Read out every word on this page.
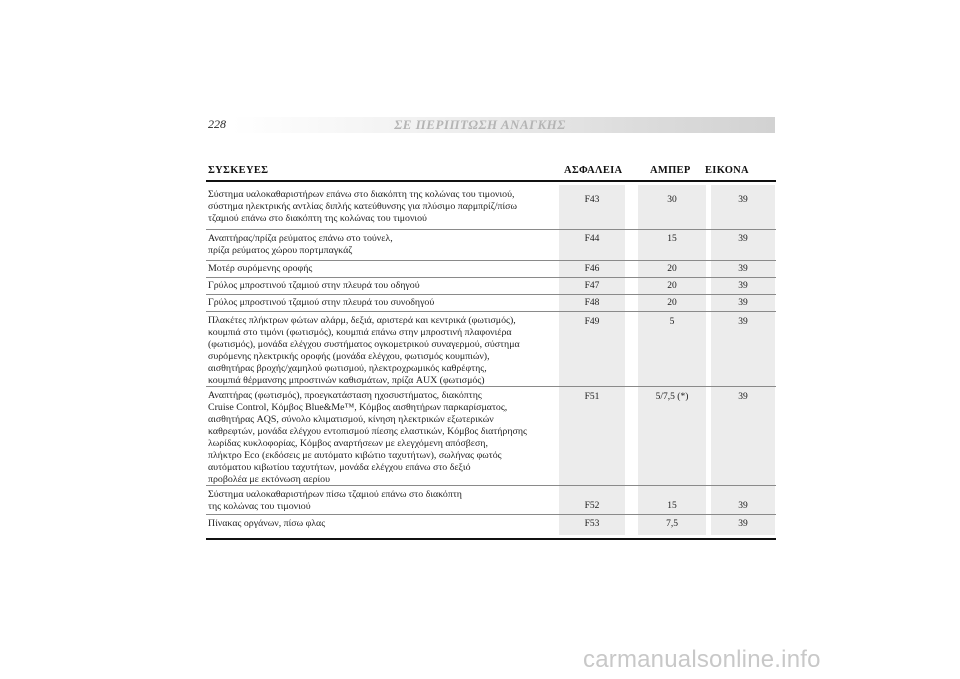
228	ΣΕ ΠΕΡΙΠΤΩΣΗ ΑΝΑΓΚΗΣ
ΣΥΣΚΕΥΕΣ	ΑΣΦΑΛΕΙΑ	ΑΜΠΕΡ ΕΙΚΟΝΑ
Σύστημα υαλοκαθαριστήρων επάνω στο διακόπτη της κολώνας του τιμονιού,
σύστημα ηλεκτρικής αντλίας διπλής κατεύθυνσης για πλύσιμο παρμπρίζ/πίσω
τζαμιού επάνω στο διακόπτη της κολώνας του τιμονιού
F43	30	39
Αναπτήρας/πρίζα ρεύματος επάνω στο τούνελ,
πρίζα ρεύματος χώρου πορτμπαγκάζ
F44	15	39
Μοτέρ συρόμενης οροφής	F46	20	39
Γρύλος μπροστινού τζαμιού στην πλευρά του οδηγού	F47	20	39
Γρύλος μπροστινού τζαμιού στην πλευρά του συνοδηγού	F48	20	39
Πλακέτες πλήκτρων φώτων αλάρμ, δεξιά, αριστερά και κεντρικά (φωτισμός),
κουμπιά στο τιμόνι (φωτισμός), κουμπιά επάνω στην μπροστινή πλαφονιέρα
(φωτισμός), μονάδα ελέγχου συστήματος ογκομετρικού συναγερμού, σύστημα
συρόμενης ηλεκτρικής οροφής (μονάδα ελέγχου, φωτισμός κουμπιών),
αισθητήρας βροχής/χαμηλού φωτισμού, ηλεκτροχρωμικός καθρέφτης,
κουμπιά θέρμανσης μπροστινών καθισμάτων, πρίζα AUX (φωτισμός)
F49	5	39
Αναπτήρας (φωτισμός), προεγκατάσταση ηχοσυστήματος, διακόπτης
Cruise Control, Κόμβος Blue&Me™, Κόμβος αισθητήρων παρκαρίσματος,
αισθητήρας AQS, σύνολο κλιματισμού, κίνηση ηλεκτρικών εξωτερικών
καθρεφτών, μονάδα ελέγχου εντοπισμού πίεσης ελαστικών, Κόμβος διατήρησης
λωρίδας κυκλοφορίας, Κόμβος αναρτήσεων με ελεγχόμενη απόσβεση,
πλήκτρο Eco (εκδόσεις με αυτόματο κιβώτιο ταχυτήτων), σωλήνας φωτός
αυτόματου κιβωτίου ταχυτήτων, μονάδα ελέγχου επάνω στο δεξιό
προβολέα με εκτόνωση αερίου
F51	5/7,5 (*)	39
Σύστημα υαλοκαθαριστήρων πίσω τζαμιού επάνω στο διακόπτη
της κολώνας του τιμονιού	F52	15	39
Πίνακας οργάνων, πίσω φλας	F53	7,5	39
carmanualsonline.info
